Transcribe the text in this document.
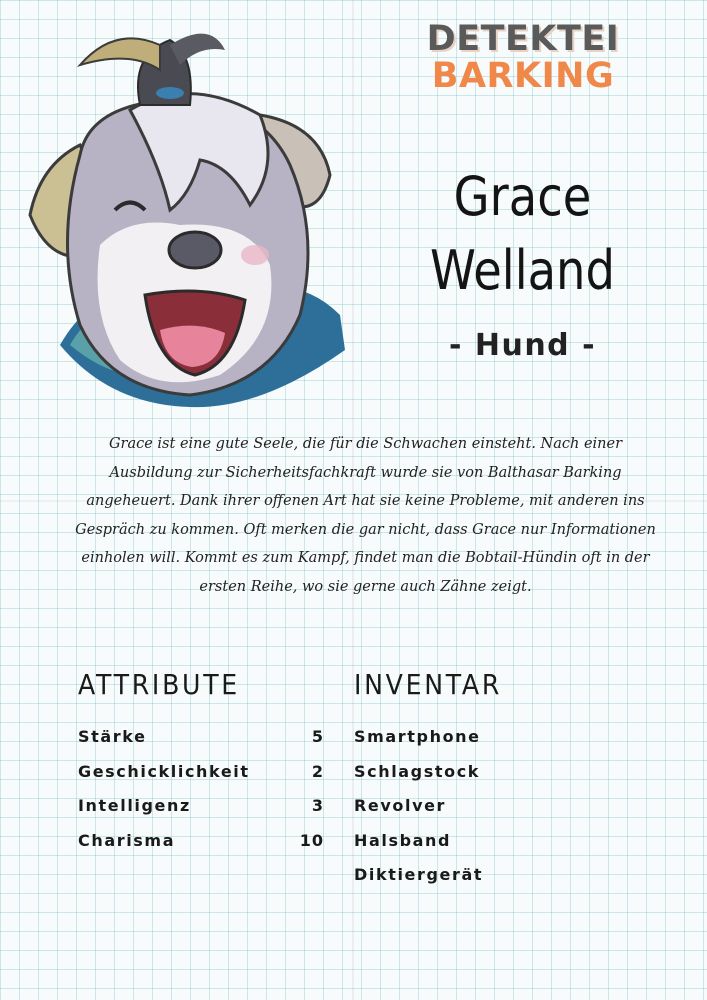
DETEKTEI
BARKING
Grace
Welland
- Hund -
Grace ist eine gute Seele, die für die Schwachen einsteht. Nach einer Ausbildung zur Sicherheitsfachkraft wurde sie von Balthasar Barking angeheuert. Dank ihrer offenen Art hat sie keine Probleme, mit anderen ins Gespräch zu kommen. Oft merken die gar nicht, dass Grace nur Informationen einholen will. Kommt es zum Kampf, findet man die Bobtail-Hündin oft in der ersten Reihe, wo sie gerne auch Zähne zeigt.
ATTRIBUTE	INVENTAR
Stärke	5
Geschicklichkeit	2
Intelligenz	3
Charisma	10
Smartphone
Schlagstock
Revolver
Halsband
Diktiergerät
